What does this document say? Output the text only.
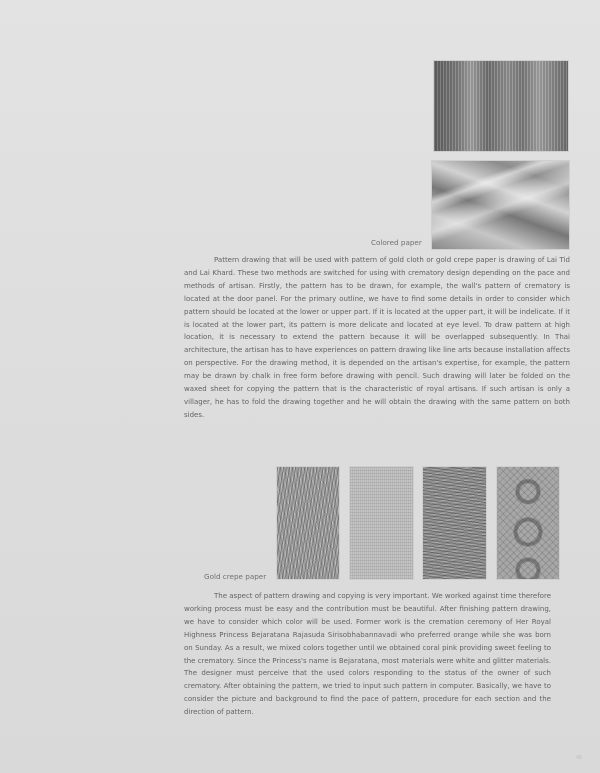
Colored paper

Pattern drawing that will be used with pattern of gold cloth or gold crepe paper is drawing of Lai Tid and Lai Khard. These two methods are switched for using with crematory design depending on the pace and methods of artisan. Firstly, the pattern has to be drawn, for example, the wall's pattern of crematory is located at the door panel. For the primary outline, we have to find some details in order to consider which pattern should be located at the lower or upper part. If it is located at the upper part, it will be indelicate. If it is located at the lower part, its pattern is more delicate and located at eye level. To draw pattern at high location, it is necessary to extend the pattern because it will be overlapped subsequently. In Thai architecture, the artisan has to have experiences on pattern drawing like line arts because installation affects on perspective. For the drawing method, it is depended on the artisan's expertise, for example, the pattern may be drawn by chalk in free form before drawing with pencil. Such drawing will later be folded on the waxed sheet for copying the pattern that is the characteristic of royal artisans. If such artisan is only a villager, he has to fold the drawing together and he will obtain the drawing with the same pattern on both sides.

Gold crepe paper

The aspect of pattern drawing and copying is very important. We worked against time therefore working process must be easy and the contribution must be beautiful. After finishing pattern drawing, we have to consider which color will be used. Former work is the cremation ceremony of Her Royal Highness Princess Bejaratana Rajasuda Sirisobhabannavadi who preferred orange while she was born on Sunday. As a result, we mixed colors together until we obtained coral pink providing sweet feeling to the crematory. Since the Princess's name is Bejaratana, most materials were white and glitter materials. The designer must perceive that the used colors responding to the status of the owner of such crematory. After obtaining the pattern, we tried to input such pattern in computer. Basically, we have to consider the picture and background to find the pace of pattern, procedure for each section and the direction of pattern.

46
